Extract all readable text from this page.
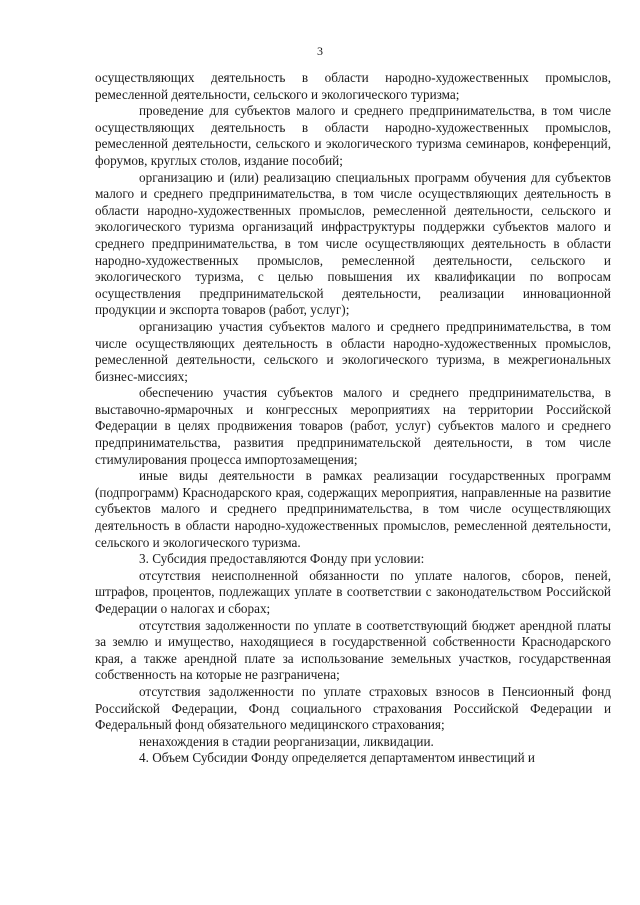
3

осуществляющих деятельность в области народно-художественных промыслов, ремесленной деятельности, сельского и экологического туризма;

проведение для субъектов малого и среднего предпринимательства, в том числе осуществляющих деятельность в области народно-художественных промыслов, ремесленной деятельности, сельского и экологического туризма семинаров, конференций, форумов, круглых столов, издание пособий;

организацию и (или) реализацию специальных программ обучения для субъектов малого и среднего предпринимательства, в том числе осуществляющих деятельность в области народно-художественных промыслов, ремесленной деятельности, сельского и экологического туризма организаций инфраструктуры поддержки субъектов малого и среднего предпринимательства, в том числе осуществляющих деятельность в области народно-художественных промыслов, ремесленной деятельности, сельского и экологического туризма, с целью повышения их квалификации по вопросам осуществления предпринимательской деятельности, реализации инновационной продукции и экспорта товаров (работ, услуг);

организацию участия субъектов малого и среднего предпринимательства, в том числе осуществляющих деятельность в области народно-художественных промыслов, ремесленной деятельности, сельского и экологического туризма, в межрегиональных бизнес-миссиях;

обеспечению участия субъектов малого и среднего предпринимательства, в выставочно-ярмарочных и конгрессных мероприятиях на территории Российской Федерации в целях продвижения товаров (работ, услуг) субъектов малого и среднего предпринимательства, развития предпринимательской деятельности, в том числе стимулирования процесса импортозамещения;

иные виды деятельности в рамках реализации государственных программ (подпрограмм) Краснодарского края, содержащих мероприятия, направленные на развитие субъектов малого и среднего предпринимательства, в том числе осуществляющих деятельность в области народно-художественных промыслов, ремесленной деятельности, сельского и экологического туризма.

3. Субсидия предоставляются Фонду при условии:

отсутствия неисполненной обязанности по уплате налогов, сборов, пеней, штрафов, процентов, подлежащих уплате в соответствии с законодательством Российской Федерации о налогах и сборах;

отсутствия задолженности по уплате в соответствующий бюджет арендной платы за землю и имущество, находящиеся в государственной собственности Краснодарского края, а также арендной плате за использование земельных участков, государственная собственность на которые не разграничена;

отсутствия задолженности по уплате страховых взносов в Пенсионный фонд Российской Федерации, Фонд социального страхования Российской Федерации и Федеральный фонд обязательного медицинского страхования;

ненахождения в стадии реорганизации, ликвидации.

4. Объем Субсидии Фонду определяется департаментом инвестиций и
